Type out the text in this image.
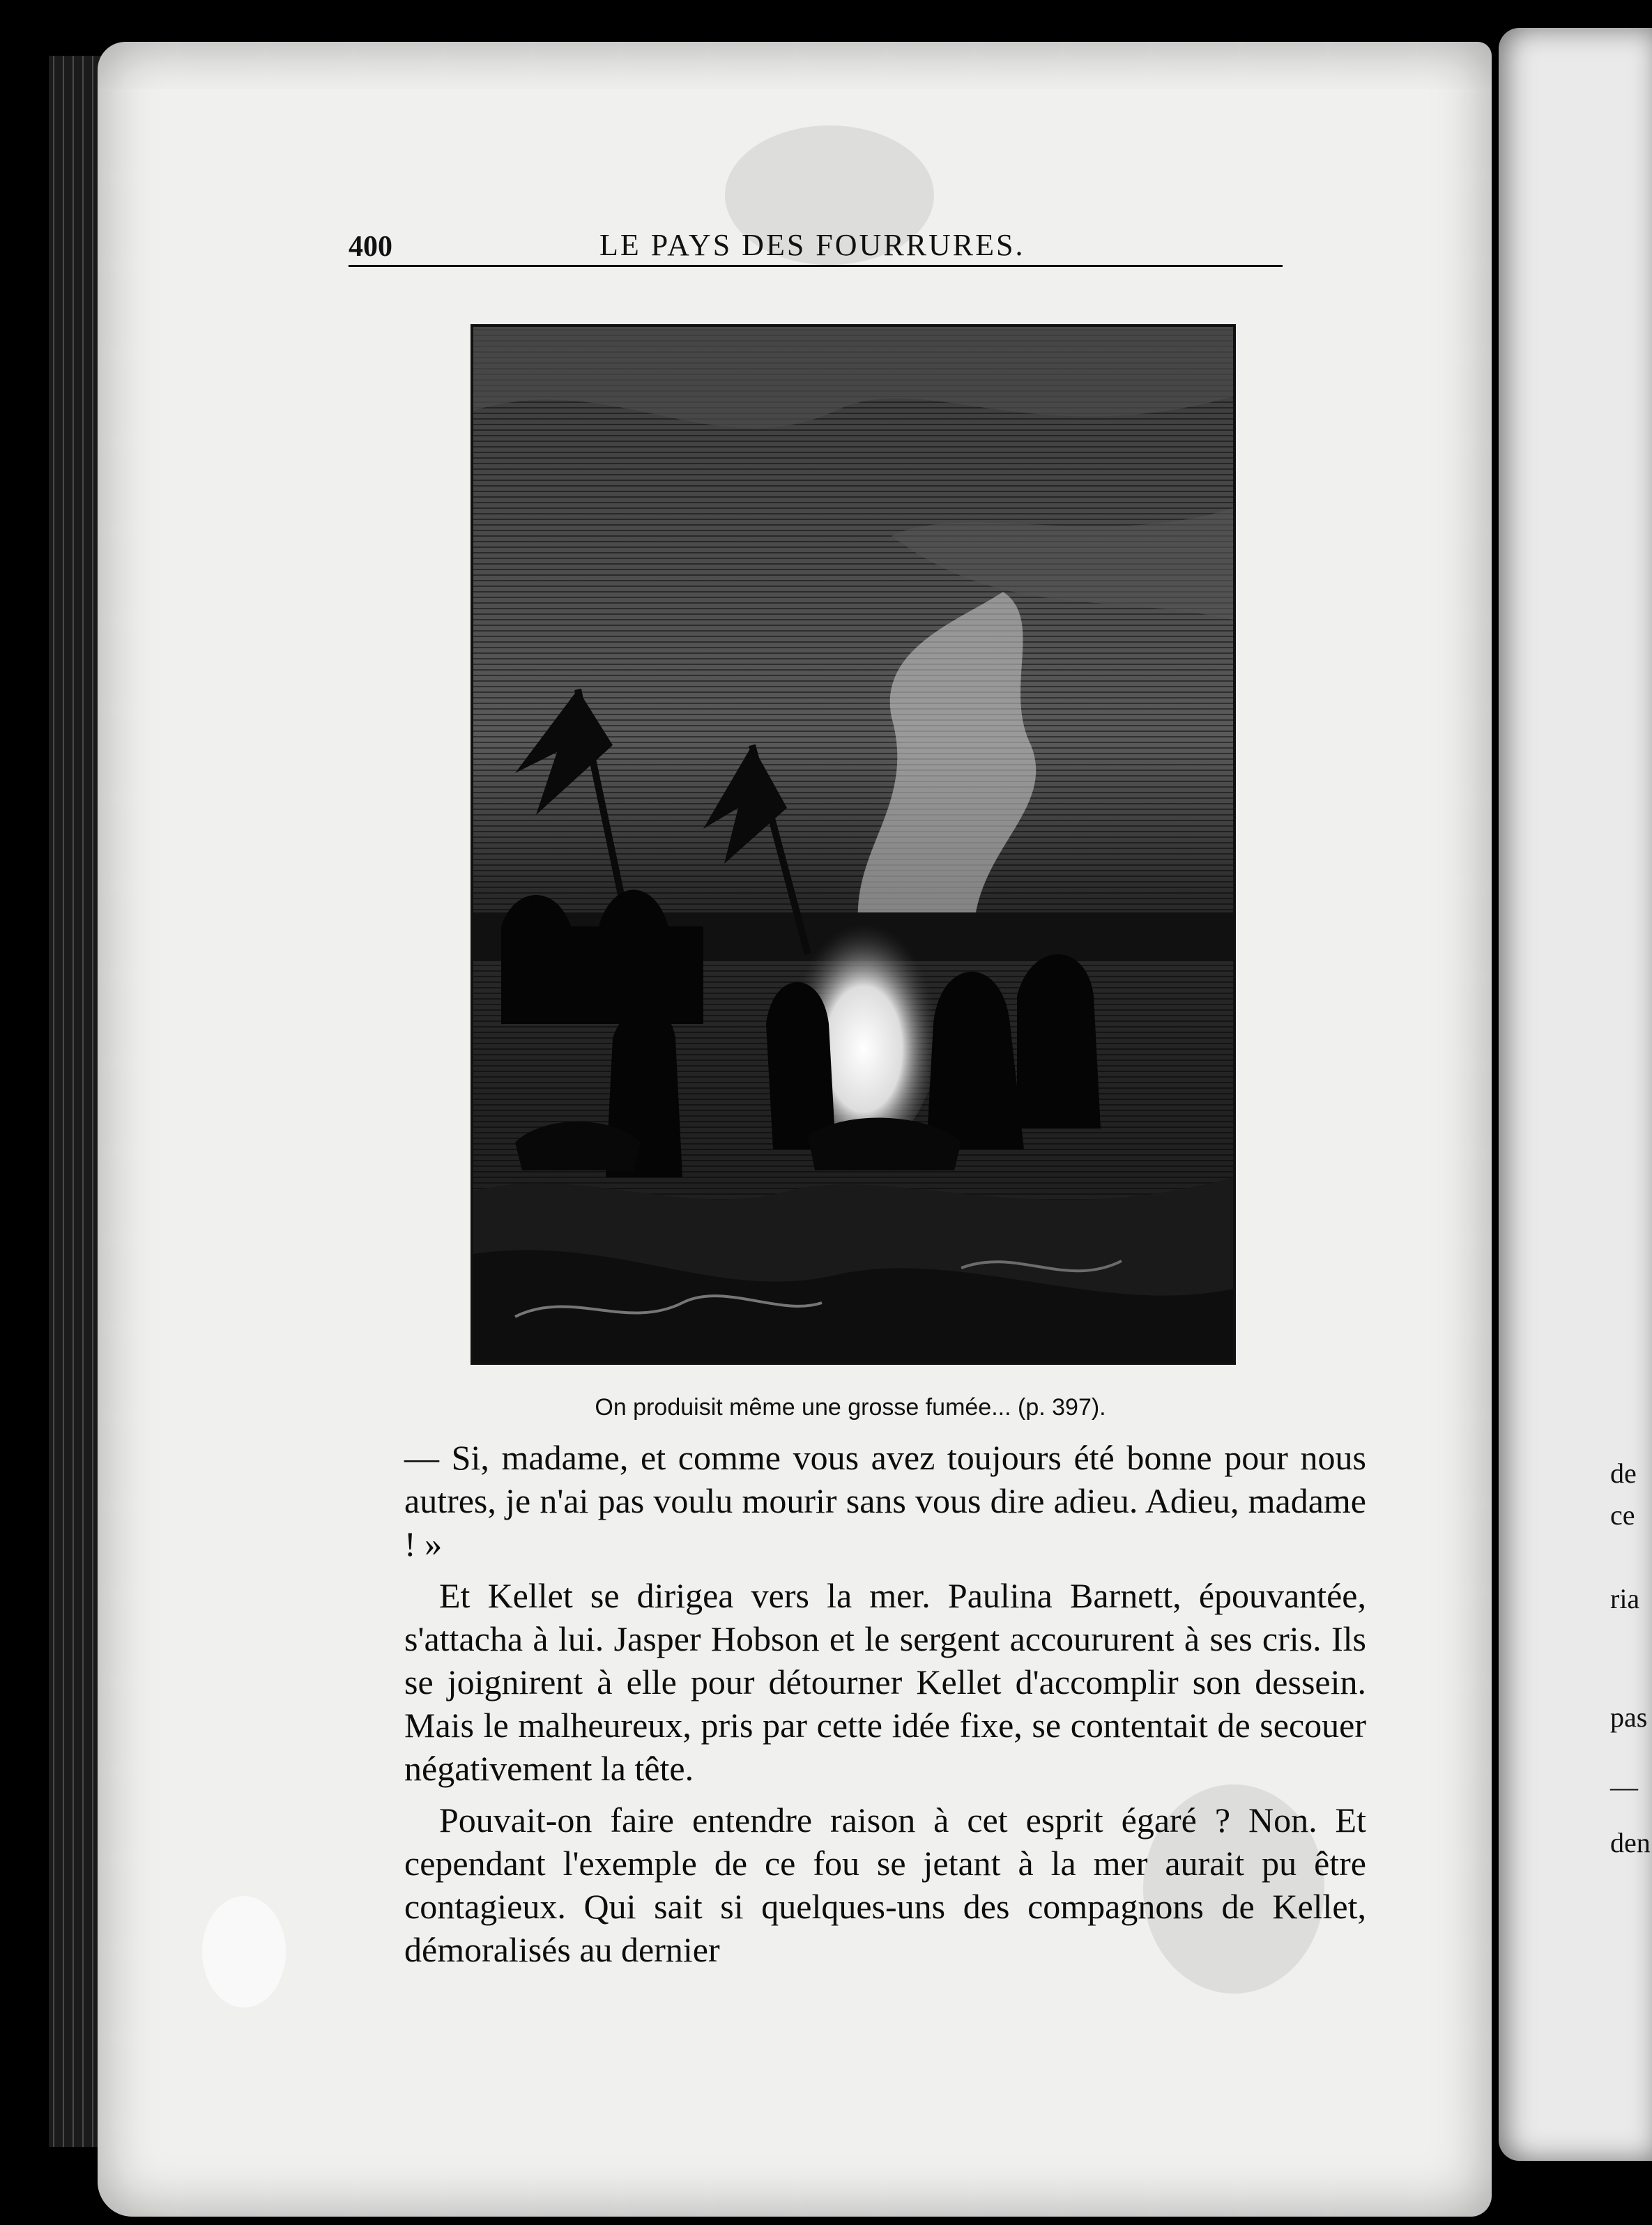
de
ce
ria
pas
—
den
400	LE PAYS DES FOURRURES.
On produisit même une grosse fumée... (p. 397).

— Si, madame, et comme vous avez toujours été bonne pour nous autres, je n'ai pas voulu mourir sans vous dire adieu. Adieu, madame ! »

Et Kellet se dirigea vers la mer. Paulina Barnett, épouvantée, s'attacha à lui. Jasper Hobson et le sergent accoururent à ses cris. Ils se joignirent à elle pour détourner Kellet d'accomplir son dessein. Mais le malheureux, pris par cette idée fixe, se contentait de secouer négativement la tête.

Pouvait-on faire entendre raison à cet esprit égaré ? Non. Et cependant l'exemple de ce fou se jetant à la mer aurait pu être contagieux. Qui sait si quelques-uns des compagnons de Kellet, démoralisés au dernier
